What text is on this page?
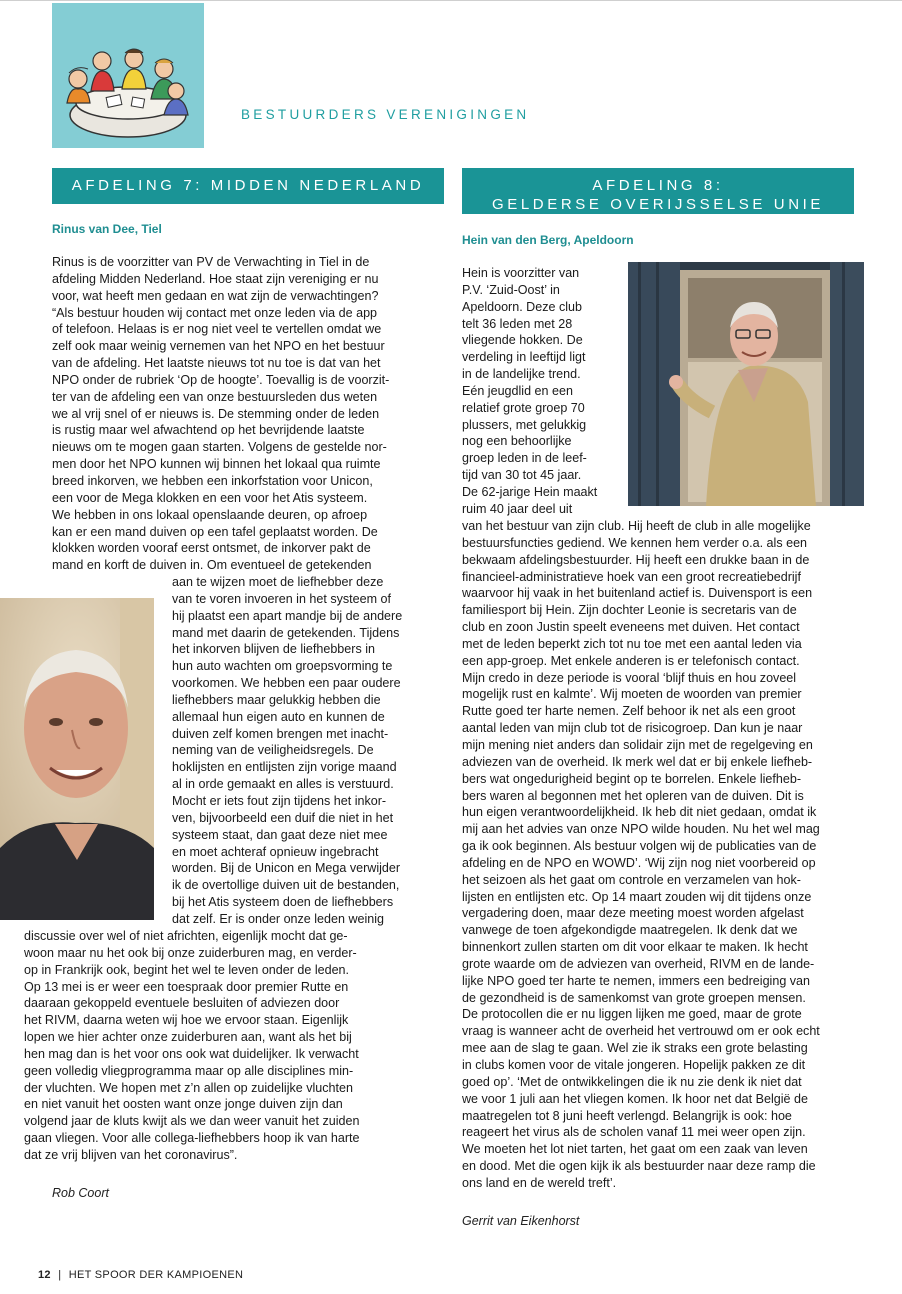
BESTUURDERS VERENIGINGEN
AFDELING 7: MIDDEN NEDERLAND
Rinus van Dee, Tiel
Rinus is de voorzitter van PV de Verwachting in Tiel in de
afdeling Midden Nederland. Hoe staat zijn vereniging er nu
voor, wat heeft men gedaan en wat zijn de verwachtingen?
“Als bestuur houden wij contact met onze leden via de app
of telefoon. Helaas is er nog niet veel te vertellen omdat we
zelf ook maar weinig vernemen van het NPO en het bestuur
van de afdeling. Het laatste nieuws tot nu toe is dat van het
NPO onder de rubriek ‘Op de hoogte’. Toevallig is de voorzit-
ter van de afdeling een van onze bestuursleden dus weten
we al vrij snel of er nieuws is. De stemming onder de leden
is rustig maar wel afwachtend op het bevrijdende laatste
nieuws om te mogen gaan starten. Volgens de gestelde nor-
men door het NPO kunnen wij binnen het lokaal qua ruimte
breed inkorven, we hebben een inkorfstation voor Unicon,
een voor de Mega klokken en een voor het Atis systeem.
We hebben in ons lokaal openslaande deuren, op afroep
kan er een mand duiven op een tafel geplaatst worden. De
klokken worden vooraf eerst ontsmet, de inkorver pakt de
mand en korft de duiven in. Om eventueel de getekenden
aan te wijzen moet de liefhebber deze
van te voren invoeren in het systeem of
hij plaatst een apart mandje bij de andere
mand met daarin de getekenden. Tijdens
het inkorven blijven de liefhebbers in
hun auto wachten om groepsvorming te
voorkomen. We hebben een paar oudere
liefhebbers maar gelukkig hebben die
allemaal hun eigen auto en kunnen de
duiven zelf komen brengen met inacht-
neming van de veiligheidsregels. De
hoklijsten en entlijsten zijn vorige maand
al in orde gemaakt en alles is verstuurd.
Mocht er iets fout zijn tijdens het inkor-
ven, bijvoorbeeld een duif die niet in het
systeem staat, dan gaat deze niet mee
en moet achteraf opnieuw ingebracht
worden. Bij de Unicon en Mega verwijder
ik de overtollige duiven uit de bestanden,
bij het Atis systeem doen de liefhebbers
dat zelf. Er is onder onze leden weinig
discussie over wel of niet africhten, eigenlijk mocht dat ge-
woon maar nu het ook bij onze zuiderburen mag, en verder-
op in Frankrijk ook, begint het wel te leven onder de leden.
Op 13 mei is er weer een toespraak door premier Rutte en
daaraan gekoppeld eventuele besluiten of adviezen door
het RIVM, daarna weten wij hoe we ervoor staan. Eigenlijk
lopen we hier achter onze zuiderburen aan, want als het bij
hen mag dan is het voor ons ook wat duidelijker. Ik verwacht
geen volledig vliegprogramma maar op alle disciplines min-
der vluchten. We hopen met z’n allen op zuidelijke vluchten
en niet vanuit het oosten want onze jonge duiven zijn dan
volgend jaar de kluts kwijt als we dan weer vanuit het zuiden
gaan vliegen. Voor alle collega-liefhebbers hoop ik van harte
dat ze vrij blijven van het coronavirus”.
Rob Coort
AFDELING 8:
GELDERSE OVERIJSSELSE UNIE
Hein van den Berg, Apeldoorn
Hein is voorzitter van
P.V. ‘Zuid-Oost’ in
Apeldoorn. Deze club
telt 36 leden met 28
vliegende hokken. De
verdeling in leeftijd ligt
in de landelijke trend.
Eén jeugdlid en een
relatief grote groep 70
plussers, met gelukkig
nog een behoorlijke
groep leden in de leef-
tijd van 30 tot 45 jaar.
De 62-jarige Hein maakt
ruim 40 jaar deel uit
van het bestuur van zijn club. Hij heeft de club in alle mogelijke
bestuursfuncties gediend. We kennen hem verder o.a. als een
bekwaam afdelingsbestuurder. Hij heeft een drukke baan in de
financieel-administratieve hoek van een groot recreatiebedrijf
waarvoor hij vaak in het buitenland actief is. Duivensport is een
familiesport bij Hein. Zijn dochter Leonie is secretaris van de
club en zoon Justin speelt eveneens met duiven. Het contact
met de leden beperkt zich tot nu toe met een aantal leden via
een app-groep. Met enkele anderen is er telefonisch contact.
Mijn credo in deze periode is vooral ‘blijf thuis en hou zoveel
mogelijk rust en kalmte’. Wij moeten de woorden van premier
Rutte goed ter harte nemen. Zelf behoor ik net als een groot
aantal leden van mijn club tot de risicogroep. Dan kun je naar
mijn mening niet anders dan solidair zijn met de regelgeving en
adviezen van de overheid. Ik merk wel dat er bij enkele liefheb-
bers wat ongedurigheid begint op te borrelen. Enkele liefheb-
bers waren al begonnen met het opleren van de duiven. Dit is
hun eigen verantwoordelijkheid. Ik heb dit niet gedaan, omdat ik
mij aan het advies van onze NPO wilde houden. Nu het wel mag
ga ik ook beginnen. Als bestuur volgen wij de publicaties van de
afdeling en de NPO en WOWD’. ‘Wij zijn nog niet voorbereid op
het seizoen als het gaat om controle en verzamelen van hok-
lijsten en entlijsten etc. Op 14 maart zouden wij dit tijdens onze
vergadering doen, maar deze meeting moest worden afgelast
vanwege de toen afgekondigde maatregelen. Ik denk dat we
binnenkort zullen starten om dit voor elkaar te maken. Ik hecht
grote waarde om de adviezen van overheid, RIVM en de lande-
lijke NPO goed ter harte te nemen, immers een bedreiging van
de gezondheid is de samenkomst van grote groepen mensen.
De protocollen die er nu liggen lijken me goed, maar de grote
vraag is wanneer acht de overheid het vertrouwd om er ook echt
mee aan de slag te gaan. Wel zie ik straks een grote belasting
in clubs komen voor de vitale jongeren. Hopelijk pakken ze dit
goed op’. ‘Met de ontwikkelingen die ik nu zie denk ik niet dat
we voor 1 juli aan het vliegen komen. Ik hoor net dat België de
maatregelen tot 8 juni heeft verlengd. Belangrijk is ook: hoe
reageert het virus als de scholen vanaf 11 mei weer open zijn.
We moeten het lot niet tarten, het gaat om een zaak van leven
en dood. Met die ogen kijk ik als bestuurder naar deze ramp die
ons land en de wereld treft’.
Gerrit van Eikenhorst
12 | HET SPOOR DER KAMPIOENEN
